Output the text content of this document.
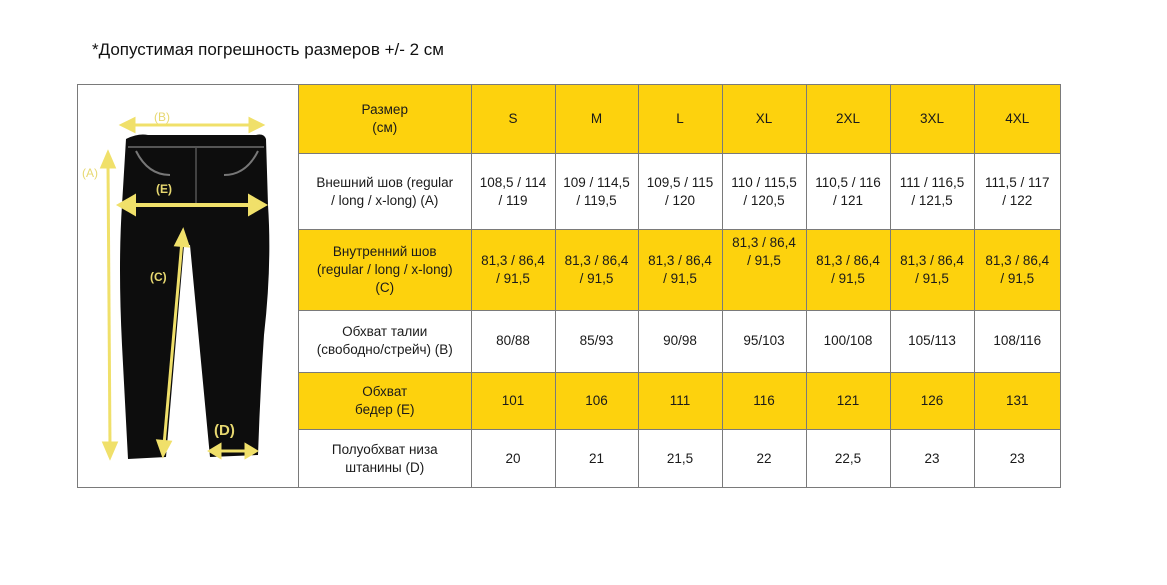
*Допустимая погрешность размеров +/- 2 см
(B)
(A)
(E)
(C)
(D)
Размер
(см)	S	M	L	XL	2XL	3XL	4XL
Внешний шов (regular
/ long / x-long) (A)	108,5 / 114
/ 119	109 / 114,5
/ 119,5	109,5 / 115
/ 120	110 / 115,5
/ 120,5	110,5 / 116
/ 121	111 / 116,5
/ 121,5	111,5 / 117
/ 122
Внутренний шов
(regular / long / x-long)
(C)	81,3 / 86,4
/ 91,5	81,3 / 86,4
/ 91,5	81,3 / 86,4
/ 91,5	81,3 / 86,4
/ 91,5	81,3 / 86,4
/ 91,5	81,3 / 86,4
/ 91,5	81,3 / 86,4
/ 91,5
Обхват талии
(свободно/стрейч) (B)	80/88	85/93	90/98	95/103	100/108	105/113	108/116
Обхват
бедер (E)	101	106	111	116	121	126	131
Полуобхват низа
штанины (D)	20	21	21,5	22	22,5	23	23
